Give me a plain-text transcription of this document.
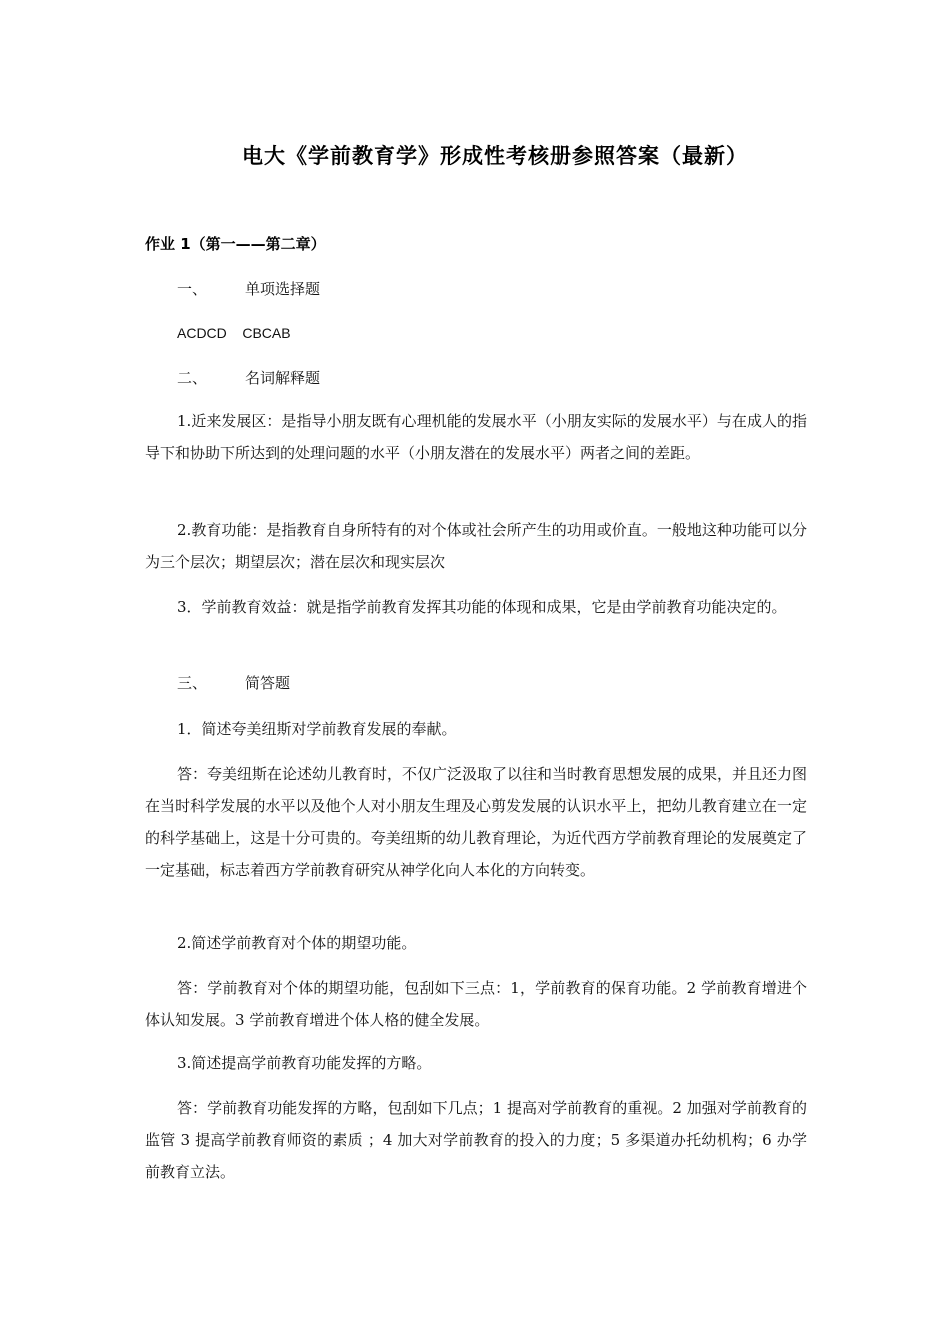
电大《学前教育学》形成性考核册参照答案（最新）
作业 1（第一——第二章）
一、	单项选择题
ACDCD    CBCAB
二、	名词解释题

1.近来发展区：是指导小朋友既有心理机能的发展水平（小朋友实际的发展水平）与在成人的指导下和协助下所达到的处理问题的水平（小朋友潜在的发展水平）两者之间的差距。

2.教育功能：是指教育自身所特有的对个体或社会所产生的功用或价直。一般地这种功能可以分为三个层次；期望层次；潜在层次和现实层次

3．学前教育效益：就是指学前教育发挥其功能的体现和成果，它是由学前教育功能决定的。

三、	简答题
1．简述夸美纽斯对学前教育发展的奉献。

答：夸美纽斯在论述幼儿教育时，不仅广泛汲取了以往和当时教育思想发展的成果，并且还力图在当时科学发展的水平以及他个人对小朋友生理及心剪发发展的认识水平上，把幼儿教育建立在一定的科学基础上，这是十分可贵的。夸美纽斯的幼儿教育理论，为近代西方学前教育理论的发展奠定了一定基础，标志着西方学前教育研究从神学化向人本化的方向转变。

2.简述学前教育对个体的期望功能。

答：学前教育对个体的期望功能，包刮如下三点：1，学前教育的保育功能。2 学前教育增进个体认知发展。3 学前教育增进个体人格的健全发展。

3.简述提高学前教育功能发挥的方略。

答：学前教育功能发挥的方略，包刮如下几点；1 提高对学前教育的重视。2 加强对学前教育的监管 3 提高学前教育师资的素质 ；4 加大对学前教育的投入的力度；5 多渠道办托幼机构；6 办学前教育立法。
